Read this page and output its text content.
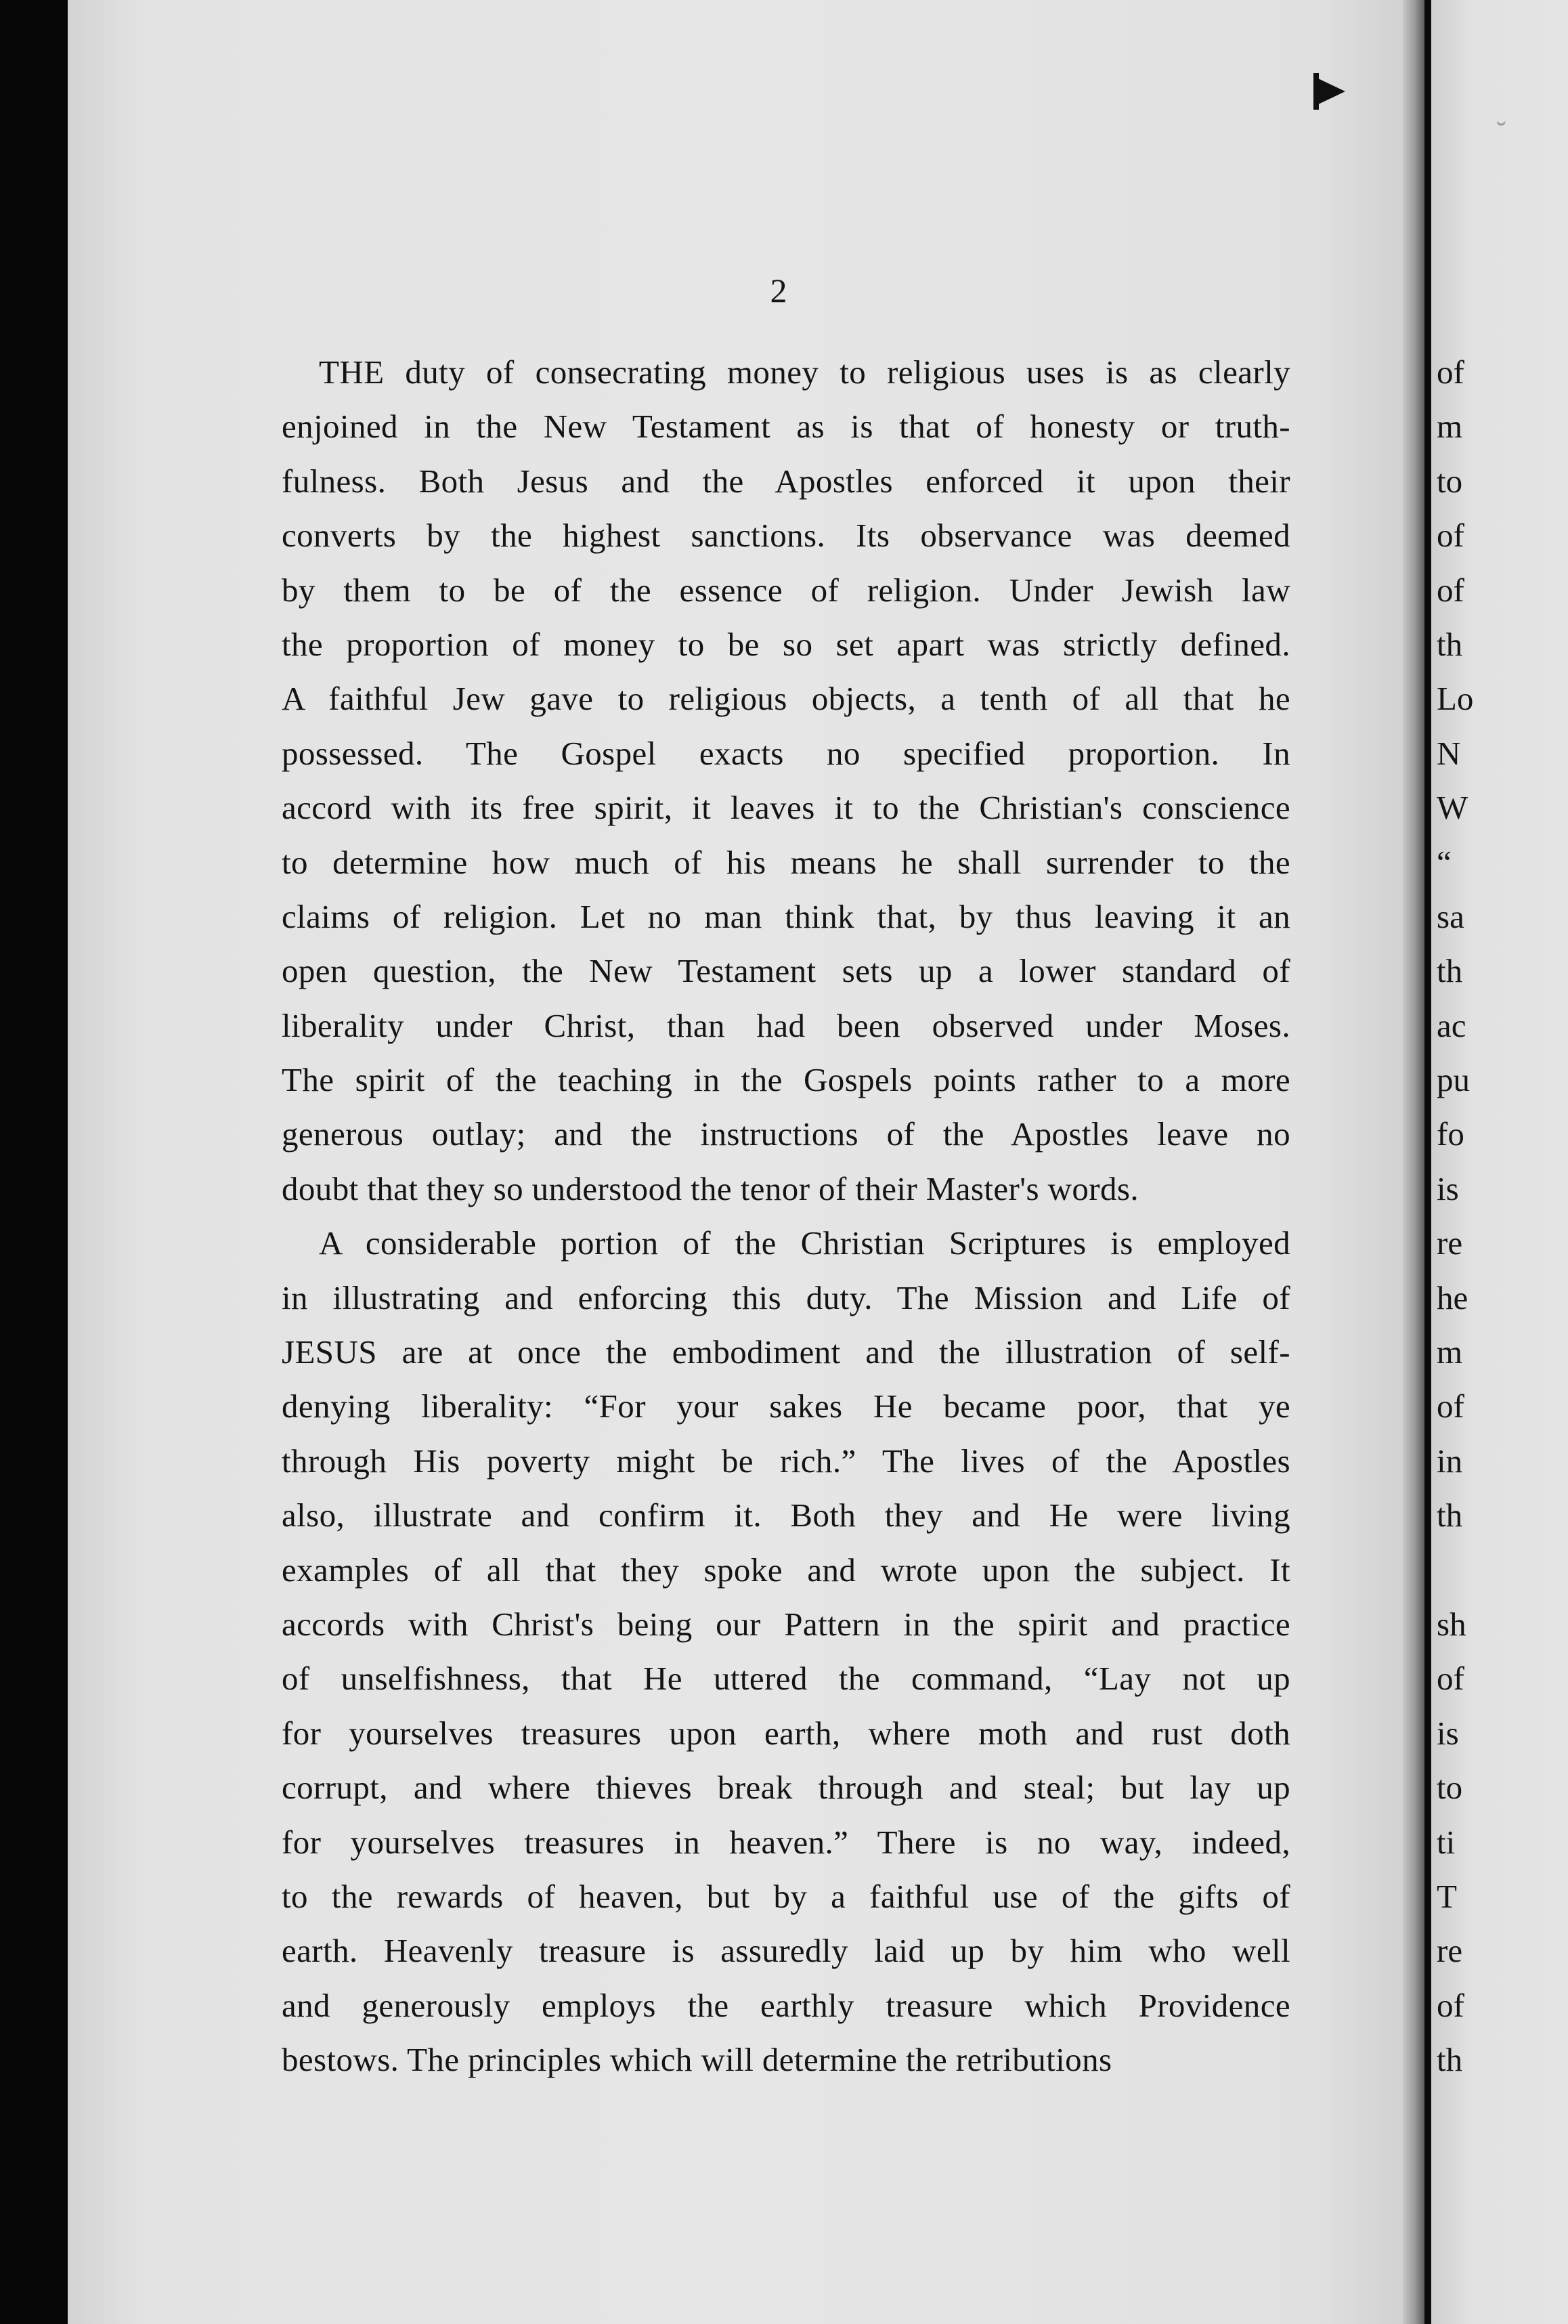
˘
2
THE duty of consecrating money to religious uses is as clearly
enjoined in the New Testament as is that of honesty or truth-
fulness. Both Jesus and the Apostles enforced it upon their
converts by the highest sanctions. Its observance was deemed
by them to be of the essence of religion. Under Jewish law
the proportion of money to be so set apart was strictly defined.
A faithful Jew gave to religious objects, a tenth of all that he
possessed. The Gospel exacts no specified proportion. In
accord with its free spirit, it leaves it to the Christian's conscience
to determine how much of his means he shall surrender to the
claims of religion. Let no man think that, by thus leaving it an
open question, the New Testament sets up a lower standard of
liberality under Christ, than had been observed under Moses.
The spirit of the teaching in the Gospels points rather to a more
generous outlay; and the instructions of the Apostles leave no
doubt that they so understood the tenor of their Master's words.
A considerable portion of the Christian Scriptures is employed
in illustrating and enforcing this duty. The Mission and Life of
JESUS are at once the embodiment and the illustration of self-
denying liberality: “For your sakes He became poor, that ye
through His poverty might be rich.” The lives of the Apostles
also, illustrate and confirm it. Both they and He were living
examples of all that they spoke and wrote upon the subject. It
accords with Christ's being our Pattern in the spirit and practice
of unselfishness, that He uttered the command, “Lay not up
for yourselves treasures upon earth, where moth and rust doth
corrupt, and where thieves break through and steal; but lay up
for yourselves treasures in heaven.” There is no way, indeed,
to the rewards of heaven, but by a faithful use of the gifts of
earth. Heavenly treasure is assuredly laid up by him who well
and generously employs the earthly treasure which Providence
bestows. The principles which will determine the retributions
of
m
to
of
of
th
Lo
N
W
“
sa
th
ac
pu
fo
is
re
he
m
of
in
th
sh
of
is
to
ti
T
re
of
th
